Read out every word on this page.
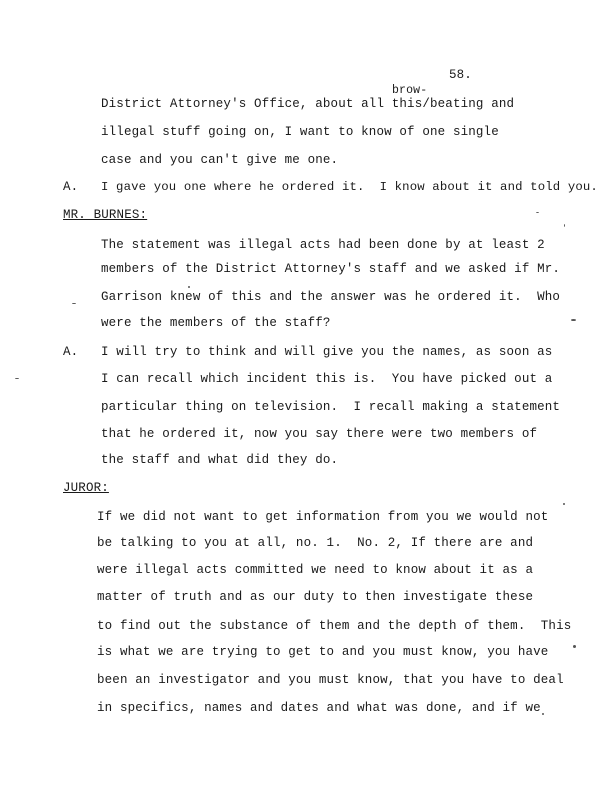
58.
brow-
District Attorney's Office, about all this/beating and
illegal stuff going on, I want to know of one single
case and you can't give me one.
A. I gave you one where he ordered it.  I know about it and told you.
MR. BURNES:
The statement was illegal acts had been done by at least 2
members of the District Attorney's staff and we asked if Mr.
Garrison knew of this and the answer was he ordered it.  Who
were the members of the staff?
A. I will try to think and will give you the names, as soon as
I can recall which incident this is.  You have picked out a
particular thing on television.  I recall making a statement
that he ordered it, now you say there were two members of
the staff and what did they do.
JUROR:
If we did not want to get information from you we would not
be talking to you at all, no. 1.  No. 2, If there are and
were illegal acts committed we need to know about it as a
matter of truth and as our duty to then investigate these
to find out the substance of them and the depth of them.  This
is what we are trying to get to and you must know, you have
been an investigator and you must know, that you have to deal
in specifics, names and dates and what was done, and if we
